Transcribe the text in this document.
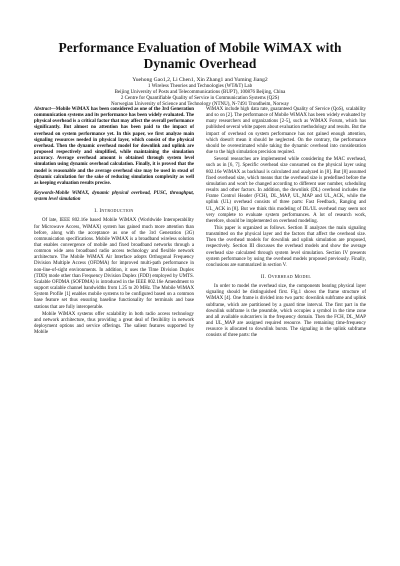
Performance Evaluation of Mobile WiMAX with
Dynamic Overhead
Yuehong Gao1,2, Li Chen1, Xin Zhang1 and Yuming Jiang2
1 Wireless Theories and Technologies (WT&T) Lab
Beijing University of Posts and Telecommunications (BUPT), 100876 Beijing, China
2 Centre for Quantifiable Quality of Service in Communication Systems (Q2S)
Norwegian University of Science and Technology (NTNU), N-7491 Trondheim, Norway

Abstract—Mobile WiMAX has been considered as one of the 3rd Generation communication systems and its performance has been widely evaluated. The physical overhead is a critical factor that may affect the overall performance significantly. But almost no attention has been paid to the impact of overhead on system performance yet. In this paper, we first analyze main signaling resources needed in physical layer, which consist of the physical overhead. Then the dynamic overhead model for downlink and uplink are proposed respectively and simplified, while maintaining the simulation accuracy. Average overhead amount is obtained through system level simulation using dynamic overhead calculation. Finally, it is proved that the model is reasonable and the average overhead size may be used in stead of dynamic calculation for the sake of reducing simulation complexity as well as keeping evaluation results precise.

Keywords-Mobile WiMAX, dynamic physical overhead, PUSC, throughput, system level simulation

I. Introduction

Of late, IEEE 802.16e based Mobile WiMAX (Worldwide Interoperability for Microwave Access, WiMAX) system has gained much more attention than before, along with the acceptance as one of the 3rd Generation (3G) communication specifications. Mobile WiMAX is a broadband wireless solution that enables convergence of mobile and fixed broadband networks through a common wide area broadband radio access technology and flexible network architecture. The Mobile WiMAX Air Interface adopts Orthogonal Frequency Division Multiple Access (OFDMA) for improved multi-path performance in non-line-of-sight environments. In addition, it uses the Time Division Duplex (TDD) mode other than Frequency Division Duplex (FDD) employed by UMTS. Scalable OFDMA (SOFDMA) is introduced in the IEEE 802.16e Amendment to support scalable channel bandwidths from 1.25 to 20 MHz. The Mobile WiMAX System Profile [1] enables mobile systems to be configured based on a common base feature set thus ensuring baseline functionality for terminals and base stations that are fully interoperable.

Mobile WiMAX systems offer scalability in both radio access technology and network architecture, thus providing a great deal of flexibility in network deployment options and service offerings. The salient features supported by Mobile

WiMAX include high data rate, guaranteed Quality of Service (QoS), scalability and so on [2]. The performance of Mobile WiMAX has been widely evaluated by many researchers and organizations [2-5], such as WiMAX Forum, which has published several white papers about evaluation methodology and results. But the impact of overhead on system performance has not gained enough attention, which doesn't mean it should be neglected. On the contrary, the performance should be overestimated while taking the dynamic overhead into consideration due to the high simulation precision required.

Several researches are implemented while considering the MAC overhead, such as in [6, 7]. Specific overhead size consumed on the physical layer using 802.16e WiMAX as backhaul is calculated and analyzed in [8]. But [8] assumed fixed overhead size, which means that the overhead size is predefined before the simulation and won't be changed according to different user number, scheduling results and other factors. In addition, the downlink (DL) overhead includes the Frame Control Header (FCH), DL_MAP, UL_MAP and UL_ACK, while the uplink (UL) overhead consists of three parts: Fast Feedback, Ranging and UL_ACK in [8]. But we think this modeling of DL/UL overhead may seem not very complete to evaluate system performances. A lot of research work, therefore, should be implemented on overhead modeling.

This paper is organized as follows. Section II analyzes the main signaling transmitted on the physical layer and the factors that affect the overhead size. Then the overhead models for downlink and uplink simulation are proposed, respectively. Section III discusses the overhead models and show the average overhead size calculated through system level simulation. Section IV presents system performance by using the overhead models proposed previously. Finally, conclusions are summarized in section V.

II. Overhead Model

In order to model the overhead size, the components bearing physical layer signaling should be distinguished first. Fig.1 shows the frame structure of WiMAX [4]. One frame is divided into two parts: downlink subframe and uplink subframe, which are partitioned by a guard time interval. The first part in the downlink subframe is the preamble, which occupies a symbol in the time zone and all available subcarriers in the frequency domain. Then the FCH, DL_MAP and UL_MAP are assigned required resource. The remaining time-frequency resource is allocated to downlink bursts. The signaling in the uplink subframe consists of three parts: the
